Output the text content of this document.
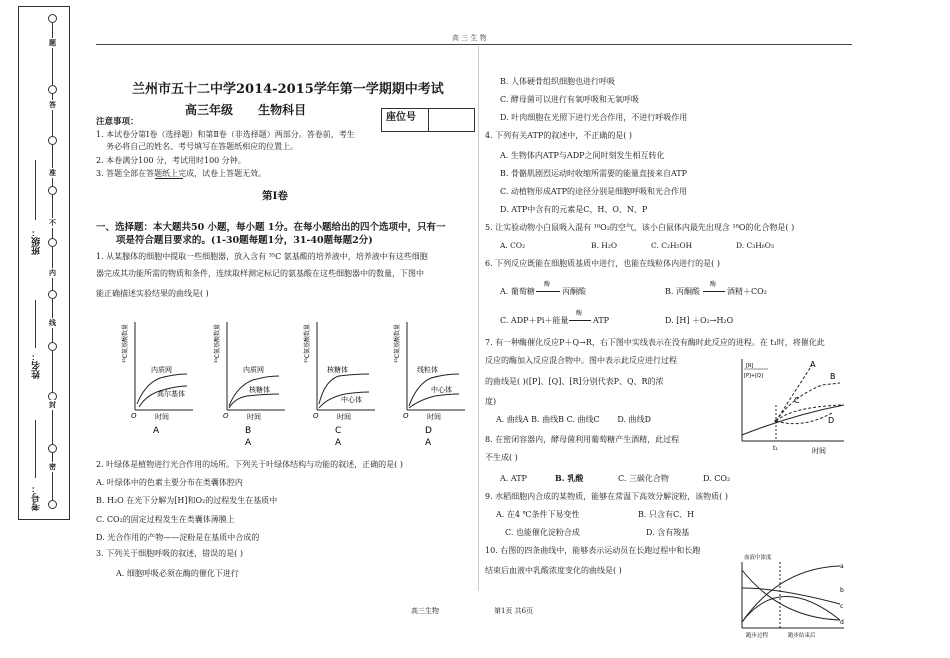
题
答
准
不
内
线
封
密
班级：
姓名：
考号：
高 三 生 物
兰州市五十二中学2014-2015学年第一学期期中考试
高三年级      生物科目
座位号
注意事项：
1. 本试卷分第Ⅰ卷（选择题）和第Ⅱ卷（非选择题）两部分。答卷前，考生
务必将自己的姓名、考号填写在答题纸相应的位置上。
2. 本卷满分100 分，考试用时100 分钟。
3. 答题全部在答题纸上完成，试卷上答题无效。
第Ⅰ卷
一、选择题：本大题共50 小题，每小题 1分。在每小题给出的四个选项中，只有一
项是符合题目要求的。(1-30题每题1分，31-40题每题2分)
1. 从某腺体的细胞中提取一些细胞器，放入含有 ³⁵C 氨基酸的培养液中，培养液中有这些细胞
器完成其功能所需的物质和条件，连续取样测定标记的氨基酸在这些细胞器中的数量，下图中
能正确描述实验结果的曲线是( )
³⁵C氨基酸数量
内质网
高尔基体
时间
O
A
³⁵C氨基酸数量
内质网
核糖体
时间
O
B
A
³⁵C氨基酸数量
核糖体
中心体
时间
O
C
A
³⁵C氨基酸数量
线粒体
中心体
时间
O
D
A
2. 叶绿体是植物进行光合作用的场所。下列关于叶绿体结构与功能的叙述，正确的是( )
A. 叶绿体中的色素主要分布在类囊体腔内
B. H₂O 在光下分解为[H]和O₂的过程发生在基质中
C. CO₂的固定过程发生在类囊体薄膜上
D. 光合作用的产物——淀粉是在基质中合成的
3. 下列关于细胞呼吸的叙述，错误的是( )
A. 细胞呼吸必须在酶的催化下进行
B. 人体硬骨组织细胞也进行呼吸
C. 酵母菌可以进行有氧呼吸和无氧呼吸
D. 叶肉细胞在光照下进行光合作用，不进行呼吸作用
4. 下列有关ATP的叙述中，不正确的是( )
A. 生物体内ATP与ADP之间时刻发生相互转化
B. 骨骼肌剧烈运动时收缩所需要的能量直接来自ATP
C. 动植物形成ATP的途径分别是细胞呼吸和光合作用
D. ATP中含有的元素是C、H、O、N、P
5. 让实验动物小白鼠吸入混有 ¹⁸O₂的空气，该小白鼠体内最先出现含 ¹⁸O的化合物是( )
A. CO₂	B. H₂O	C. C₂H₅OH	D. C₃H₆O₃
6. 下列反应既能在细胞质基质中进行，也能在线粒体内进行的是( )
A. 葡萄糖
酶
丙酮酸	B. 丙酮酸
酶
酒精＋CO₂
C. ADP＋Pi＋能量
酶
ATP	D. [H] ＋O₂→H₂O
7. 有一种酶催化反应P＋Q→R，右下图中实线表示在没有酶时此反应的进程。在 t₁时，将催化此
反应的酶加入反应混合物中。图中表示此反应进行过程
的曲线是( )([P]、[Q]、[R]分别代表P、Q、R的浓
度)
A. 曲线A B. 曲线B C. 曲线C       D. 曲线D
[R]
[P]+[Q]
A
B
C
D
t₁	时间
8. 在密闭容器内，酵母菌利用葡萄糖产生酒精，此过程
不生成( )
A. ATP	B. 乳酸	C. 三碳化合物	D. CO₂
9. 水稻细胞内合成的某物质，能够在常温下高效分解淀粉，该物质( )
A. 在4 ℃条件下易变性	B. 只含有C、H
C. 也能催化淀粉合成	D. 含有羧基
10. 右图的四条曲线中，能够表示运动员在长跑过程中和长跑
结束后血液中乳酸浓度变化的曲线是( )
血液中浓度
a
b
c
d
跑步过程	跑步结束后
高三生物	第1页 共6页
